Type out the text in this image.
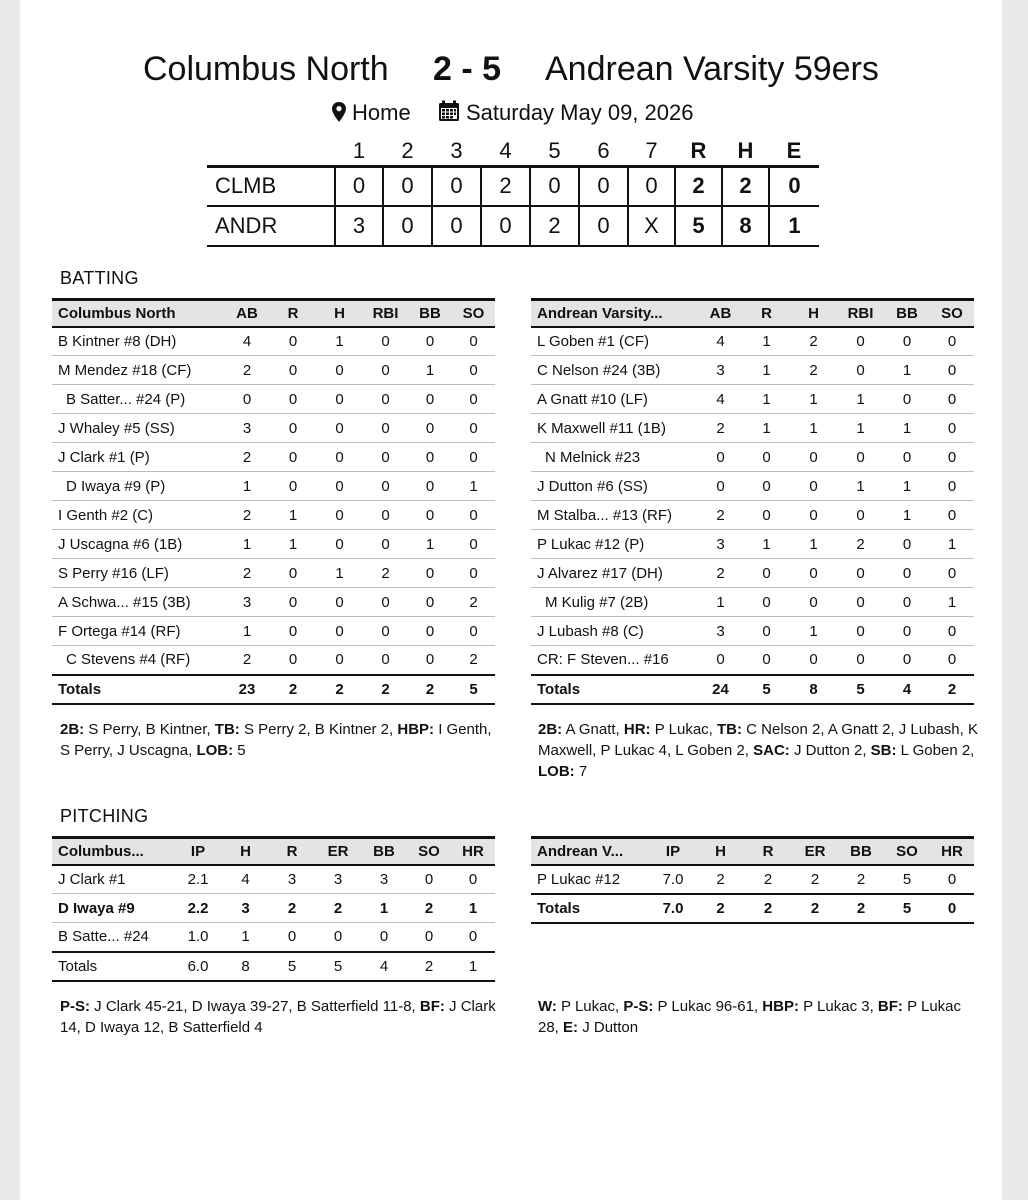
Columbus North 2 - 5 Andrean Varsity 59ers
Home	Saturday May 09, 2026
	1	2	3	4	5	6	7	R	H	E
CLMB	0	0	0	2	0	0	0	2	2	0
ANDR	3	0	0	0	2	0	X	5	8	1
BATTING
Columbus North	AB	R	H	RBI	BB	SO
B Kintner #8 (DH)	4	0	1	0	0	0
M Mendez #18 (CF)	2	0	0	0	1	0
B Satter... #24 (P)	0	0	0	0	0	0
J Whaley #5 (SS)	3	0	0	0	0	0
J Clark #1 (P)	2	0	0	0	0	0
D Iwaya #9 (P)	1	0	0	0	0	1
I Genth #2 (C)	2	1	0	0	0	0
J Uscagna #6 (1B)	1	1	0	0	1	0
S Perry #16 (LF)	2	0	1	2	0	0
A Schwa... #15 (3B)	3	0	0	0	0	2
F Ortega #14 (RF)	1	0	0	0	0	0
C Stevens #4 (RF)	2	0	0	0	0	2
Totals	23	2	2	2	2	5
Andrean Varsity...	AB	R	H	RBI	BB	SO
L Goben #1 (CF)	4	1	2	0	0	0
C Nelson #24 (3B)	3	1	2	0	1	0
A Gnatt #10 (LF)	4	1	1	1	0	0
K Maxwell #11 (1B)	2	1	1	1	1	0
N Melnick #23	0	0	0	0	0	0
J Dutton #6 (SS)	0	0	0	1	1	0
M Stalba... #13 (RF)	2	0	0	0	1	0
P Lukac #12 (P)	3	1	1	2	0	1
J Alvarez #17 (DH)	2	0	0	0	0	0
M Kulig #7 (2B)	1	0	0	0	0	1
J Lubash #8 (C)	3	0	1	0	0	0
CR: F Steven... #16	0	0	0	0	0	0
Totals	24	5	8	5	4	2
2B: S Perry, B Kintner, TB: S Perry 2, B Kintner 2, HBP: I Genth, S Perry, J Uscagna, LOB: 5
2B: A Gnatt, HR: P Lukac, TB: C Nelson 2, A Gnatt 2, J Lubash, K Maxwell, P Lukac 4, L Goben 2, SAC: J Dutton 2, SB: L Goben 2, LOB: 7
PITCHING
Columbus...	IP	H	R	ER	BB	SO	HR
J Clark #1	2.1	4	3	3	3	0	0
D Iwaya #9	2.2	3	2	2	1	2	1
B Satte... #24	1.0	1	0	0	0	0	0
Totals	6.0	8	5	5	4	2	1
Andrean V...	IP	H	R	ER	BB	SO	HR
P Lukac #12	7.0	2	2	2	2	5	0
Totals	7.0	2	2	2	2	5	0
P-S: J Clark 45-21, D Iwaya 39-27, B Satterfield 11-8, BF: J Clark 14, D Iwaya 12, B Satterfield 4
W: P Lukac, P-S: P Lukac 96-61, HBP: P Lukac 3, BF: P Lukac 28, E: J Dutton
